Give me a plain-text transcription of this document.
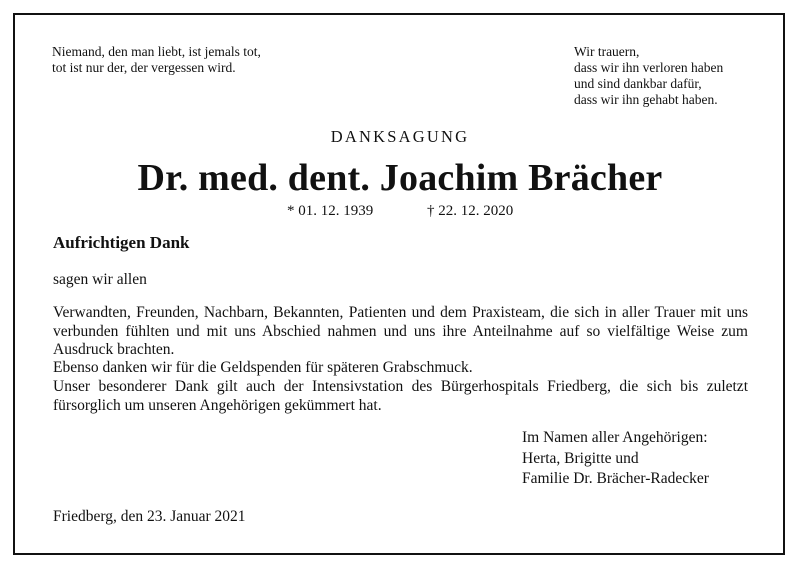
Niemand, den man liebt, ist jemals tot,
tot ist nur der, der vergessen wird.
Wir trauern,
dass wir ihn verloren haben
und sind dankbar dafür,
dass wir ihn gehabt haben.
DANKSAGUNG
Dr. med. dent. Joachim Brächer
* 01. 12. 1939	† 22. 12. 2020
Aufrichtigen Dank
sagen wir allen
Verwandten, Freunden, Nachbarn, Bekannten, Patienten und dem Praxisteam, die sich in aller Trauer mit uns verbunden fühlten und mit uns Abschied nahmen und uns ihre Anteilnahme auf so vielfältige Weise zum Ausdruck brachten.
Ebenso danken wir für die Geldspenden für späteren Grabschmuck.
Unser besonderer Dank gilt auch der Intensivstation des Bürgerhospitals Friedberg, die sich bis zuletzt fürsorglich um unseren Angehörigen gekümmert hat.
Im Namen aller Angehörigen:
Herta, Brigitte und
Familie Dr. Brächer-Radecker
Friedberg, den 23. Januar 2021
